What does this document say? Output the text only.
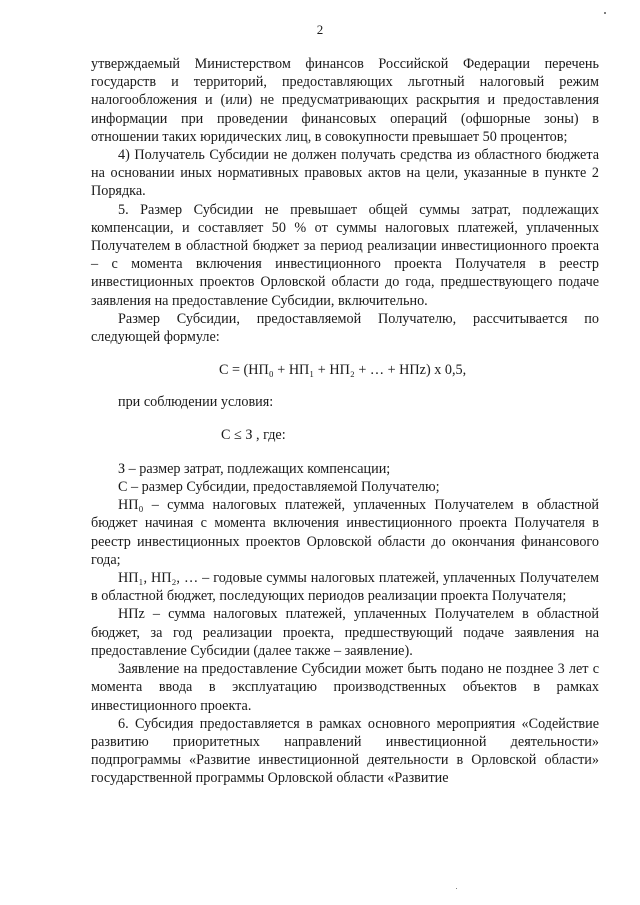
2

утверждаемый Министерством финансов Российской Федерации перечень государств и территорий, предоставляющих льготный налоговый режим налогообложения и (или) не предусматривающих раскрытия и предоставления информации при проведении финансовых операций (офшорные зоны) в отношении таких юридических лиц, в совокупности превышает 50 процентов;

4) Получатель Субсидии не должен получать средства из областного бюджета на основании иных нормативных правовых актов на цели, указанные в пункте 2 Порядка.

5. Размер Субсидии не превышает общей суммы затрат, подлежащих компенсации, и составляет 50 % от суммы налоговых платежей, уплаченных Получателем в областной бюджет за период реализации инвестиционного проекта – с момента включения инвестиционного проекта Получателя в реестр инвестиционных проектов Орловской области до года, предшествующего подаче заявления на предоставление Субсидии, включительно.

Размер Субсидии, предоставляемой Получателю, рассчитывается по следующей формуле:

С = (НП₀ + НП₁ + НП₂ + … + НПz) х 0,5,

при соблюдении условия:

С ≤ З , где:

З – размер затрат, подлежащих компенсации;

С – размер Субсидии, предоставляемой Получателю;

НП₀ – сумма налоговых платежей, уплаченных Получателем в областной бюджет начиная с момента включения инвестиционного проекта Получателя в реестр инвестиционных проектов Орловской области до окончания финансового года;

НП₁, НП₂, … – годовые суммы налоговых платежей, уплаченных Получателем в областной бюджет, последующих периодов реализации проекта Получателя;

НПz – сумма налоговых платежей, уплаченных Получателем в областной бюджет, за год реализации проекта, предшествующий подаче заявления на предоставление Субсидии (далее также – заявление).

Заявление на предоставление Субсидии может быть подано не позднее 3 лет с момента ввода в эксплуатацию производственных объектов в рамках инвестиционного проекта.

6. Субсидия предоставляется в рамках основного мероприятия «Содействие развитию приоритетных направлений инвестиционной деятельности» подпрограммы «Развитие инвестиционной деятельности в Орловской области» государственной программы Орловской области «Развитие
